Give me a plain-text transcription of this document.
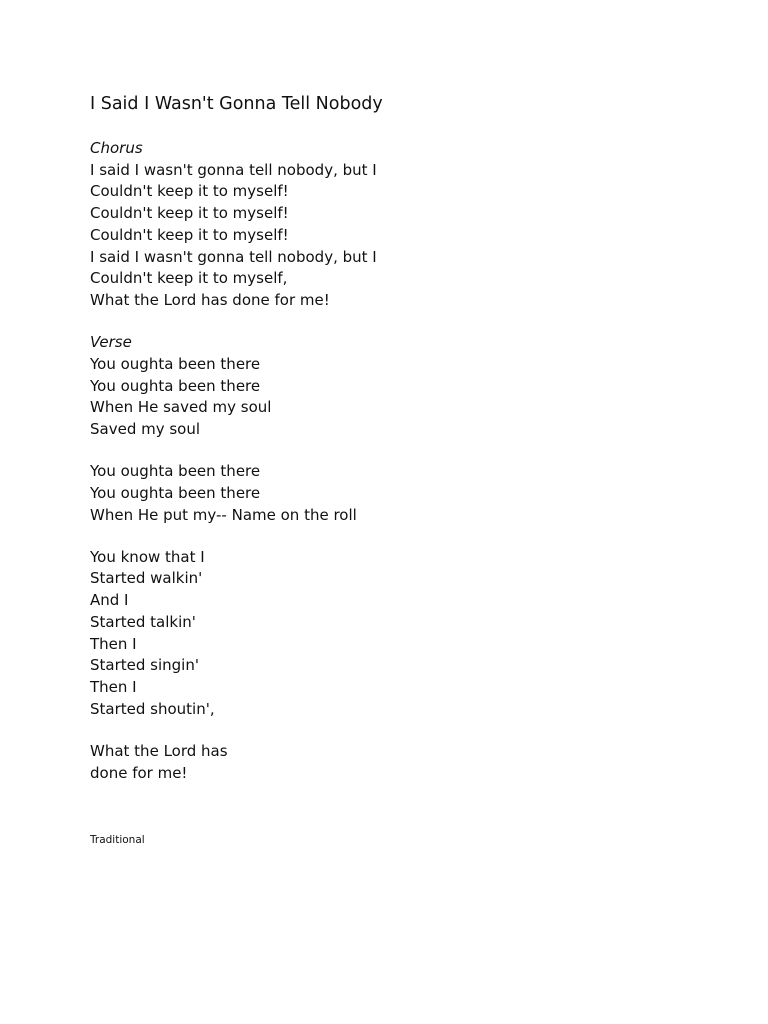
I Said I Wasn't Gonna Tell Nobody
Chorus
I said I wasn't gonna tell nobody, but I
Couldn't keep it to myself!
Couldn't keep it to myself!
Couldn't keep it to myself!
I said I wasn't gonna tell nobody, but I
Couldn't keep it to myself,
What the Lord has done for me!
Verse
You oughta been there
You oughta been there
When He saved my soul
Saved my soul
You oughta been there
You oughta been there
When He put my-- Name on the roll
You know that I
Started walkin'
And I
Started talkin'
Then I
Started singin'
Then I
Started shoutin',
What the Lord has
done for me!
Traditional
